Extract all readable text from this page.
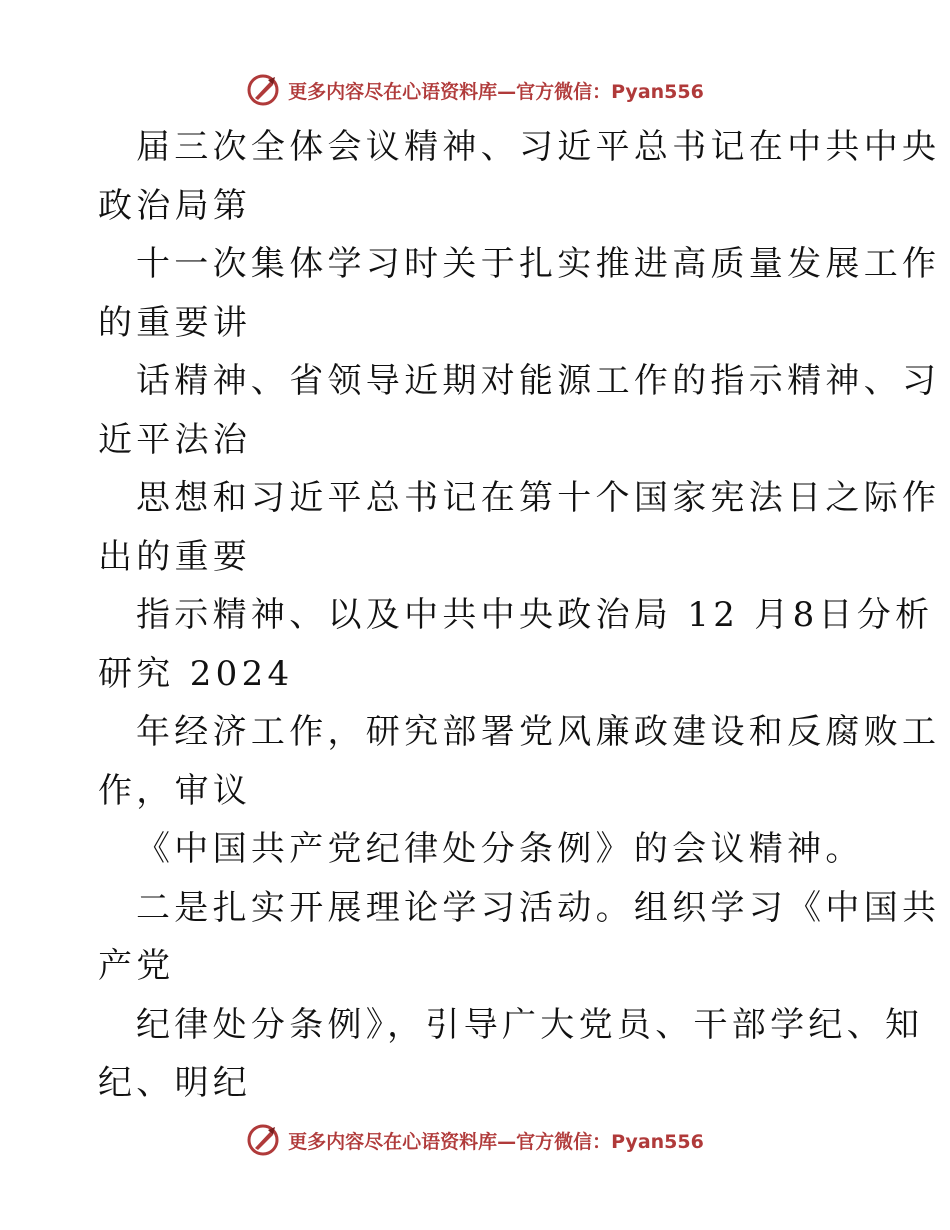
更多内容尽在心语资料库—官方微信：Pyan556
届三次全体会议精神、习近平总书记在中共中央
政治局第
十一次集体学习时关于扎实推进高质量发展工作
的重要讲
话精神、省领导近期对能源工作的指示精神、习
近平法治
思想和习近平总书记在第十个国家宪法日之际作
出的重要
指示精神、以及中共中央政治局 12 月8日分析
研究 2024
年经济工作，研究部署党风廉政建设和反腐败工
作，审议
《中国共产党纪律处分条例》的会议精神。
二是扎实开展理论学习活动。组织学习《中国共
产党
纪律处分条例》，引导广大党员、干部学纪、知
纪、明纪
更多内容尽在心语资料库—官方微信：Pyan556
